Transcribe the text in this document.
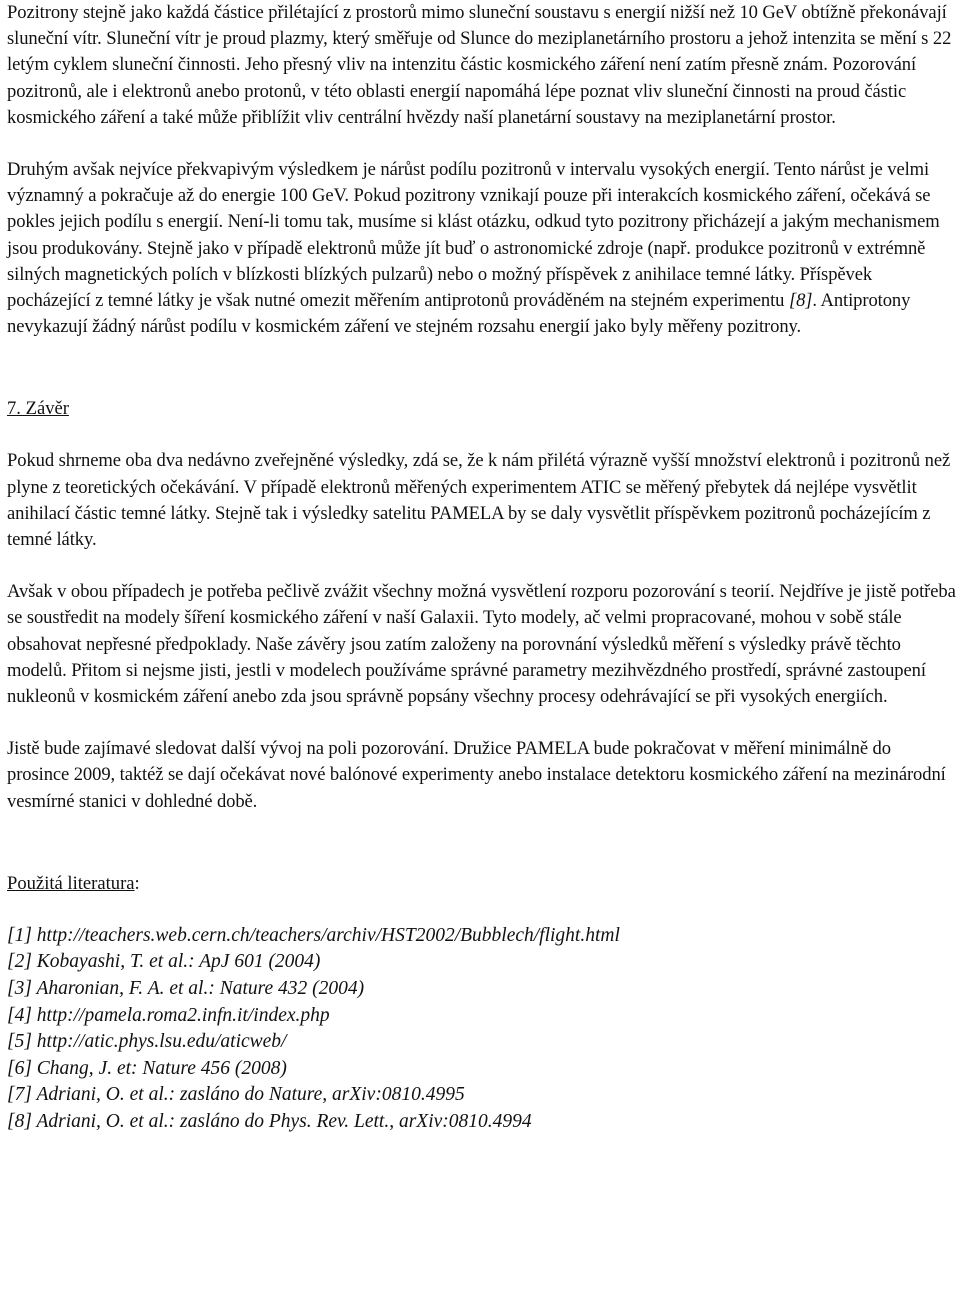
Pozitrony stejně jako každá částice přilétající z prostorů mimo sluneční soustavu s energií nižší než 10 GeV obtížně překonávají sluneční vítr. Sluneční vítr je proud plazmy, který směřuje od Slunce do meziplanetárního prostoru a jehož intenzita se mění s 22 letým cyklem sluneční činnosti. Jeho přesný vliv na intenzitu částic kosmického záření není zatím přesně znám. Pozorování pozitronů, ale i elektronů anebo protonů, v této oblasti energií napomáhá lépe poznat vliv sluneční činnosti na proud částic kosmického záření a také může přiblížit vliv centrální hvězdy naší planetární soustavy na meziplanetární prostor.

Druhým avšak nejvíce překvapivým výsledkem je nárůst podílu pozitronů v intervalu vysokých energií. Tento nárůst je velmi významný a pokračuje až do energie 100 GeV. Pokud pozitrony vznikají pouze při interakcích kosmického záření, očekává se pokles jejich podílu s energií. Není-li tomu tak, musíme si klást otázku, odkud tyto pozitrony přicházejí a jakým mechanismem jsou produkovány. Stejně jako v případě elektronů může jít buď o astronomické zdroje (např. produkce pozitronů v extrémně silných magnetických polích v blízkosti blízkých pulzarů) nebo o možný příspěvek z anihilace temné látky. Příspěvek pocházející z temné látky je však nutné omezit měřením antiprotonů prováděném na stejném experimentu [8]. Antiprotony nevykazují žádný nárůst podílu v kosmickém záření ve stejném rozsahu energií jako byly měřeny pozitrony.

7. Závěr

Pokud shrneme oba dva nedávno zveřejněné výsledky, zdá se, že k nám přilétá výrazně vyšší množství elektronů i pozitronů než plyne z teoretických očekávání. V případě elektronů měřených experimentem ATIC se měřený přebytek dá nejlépe vysvětlit anihilací částic temné látky. Stejně tak i výsledky satelitu PAMELA by se daly vysvětlit příspěvkem pozitronů pocházejícím z temné látky.

Avšak v obou případech je potřeba pečlivě zvážit všechny možná vysvětlení rozporu pozorování s teorií. Nejdříve je jistě potřeba se soustředit na modely šíření kosmického záření v naší Galaxii. Tyto modely, ač velmi propracované, mohou v sobě stále obsahovat nepřesné předpoklady. Naše závěry jsou zatím založeny na porovnání výsledků měření s výsledky právě těchto modelů. Přitom si nejsme jisti, jestli v modelech používáme správné parametry mezihvězdného prostředí, správné zastoupení nukleonů v kosmickém záření anebo zda jsou správně popsány všechny procesy odehrávající se při vysokých energiích.

Jistě bude zajímavé sledovat další vývoj na poli pozorování. Družice PAMELA bude pokračovat v měření minimálně do prosince 2009, taktéž se dají očekávat nové balónové experimenty anebo instalace detektoru kosmického záření na mezinárodní vesmírné stanici v dohledné době.

Použitá literatura:

[1] http://teachers.web.cern.ch/teachers/archiv/HST2002/Bubblech/flight.html
[2] Kobayashi, T. et al.: ApJ 601 (2004)
[3] Aharonian, F. A. et al.: Nature 432 (2004)
[4] http://pamela.roma2.infn.it/index.php
[5] http://atic.phys.lsu.edu/aticweb/
[6] Chang, J. et: Nature 456 (2008)
[7] Adriani, O. et al.: zasláno do Nature, arXiv:0810.4995
[8] Adriani, O. et al.: zasláno do Phys. Rev. Lett., arXiv:0810.4994
